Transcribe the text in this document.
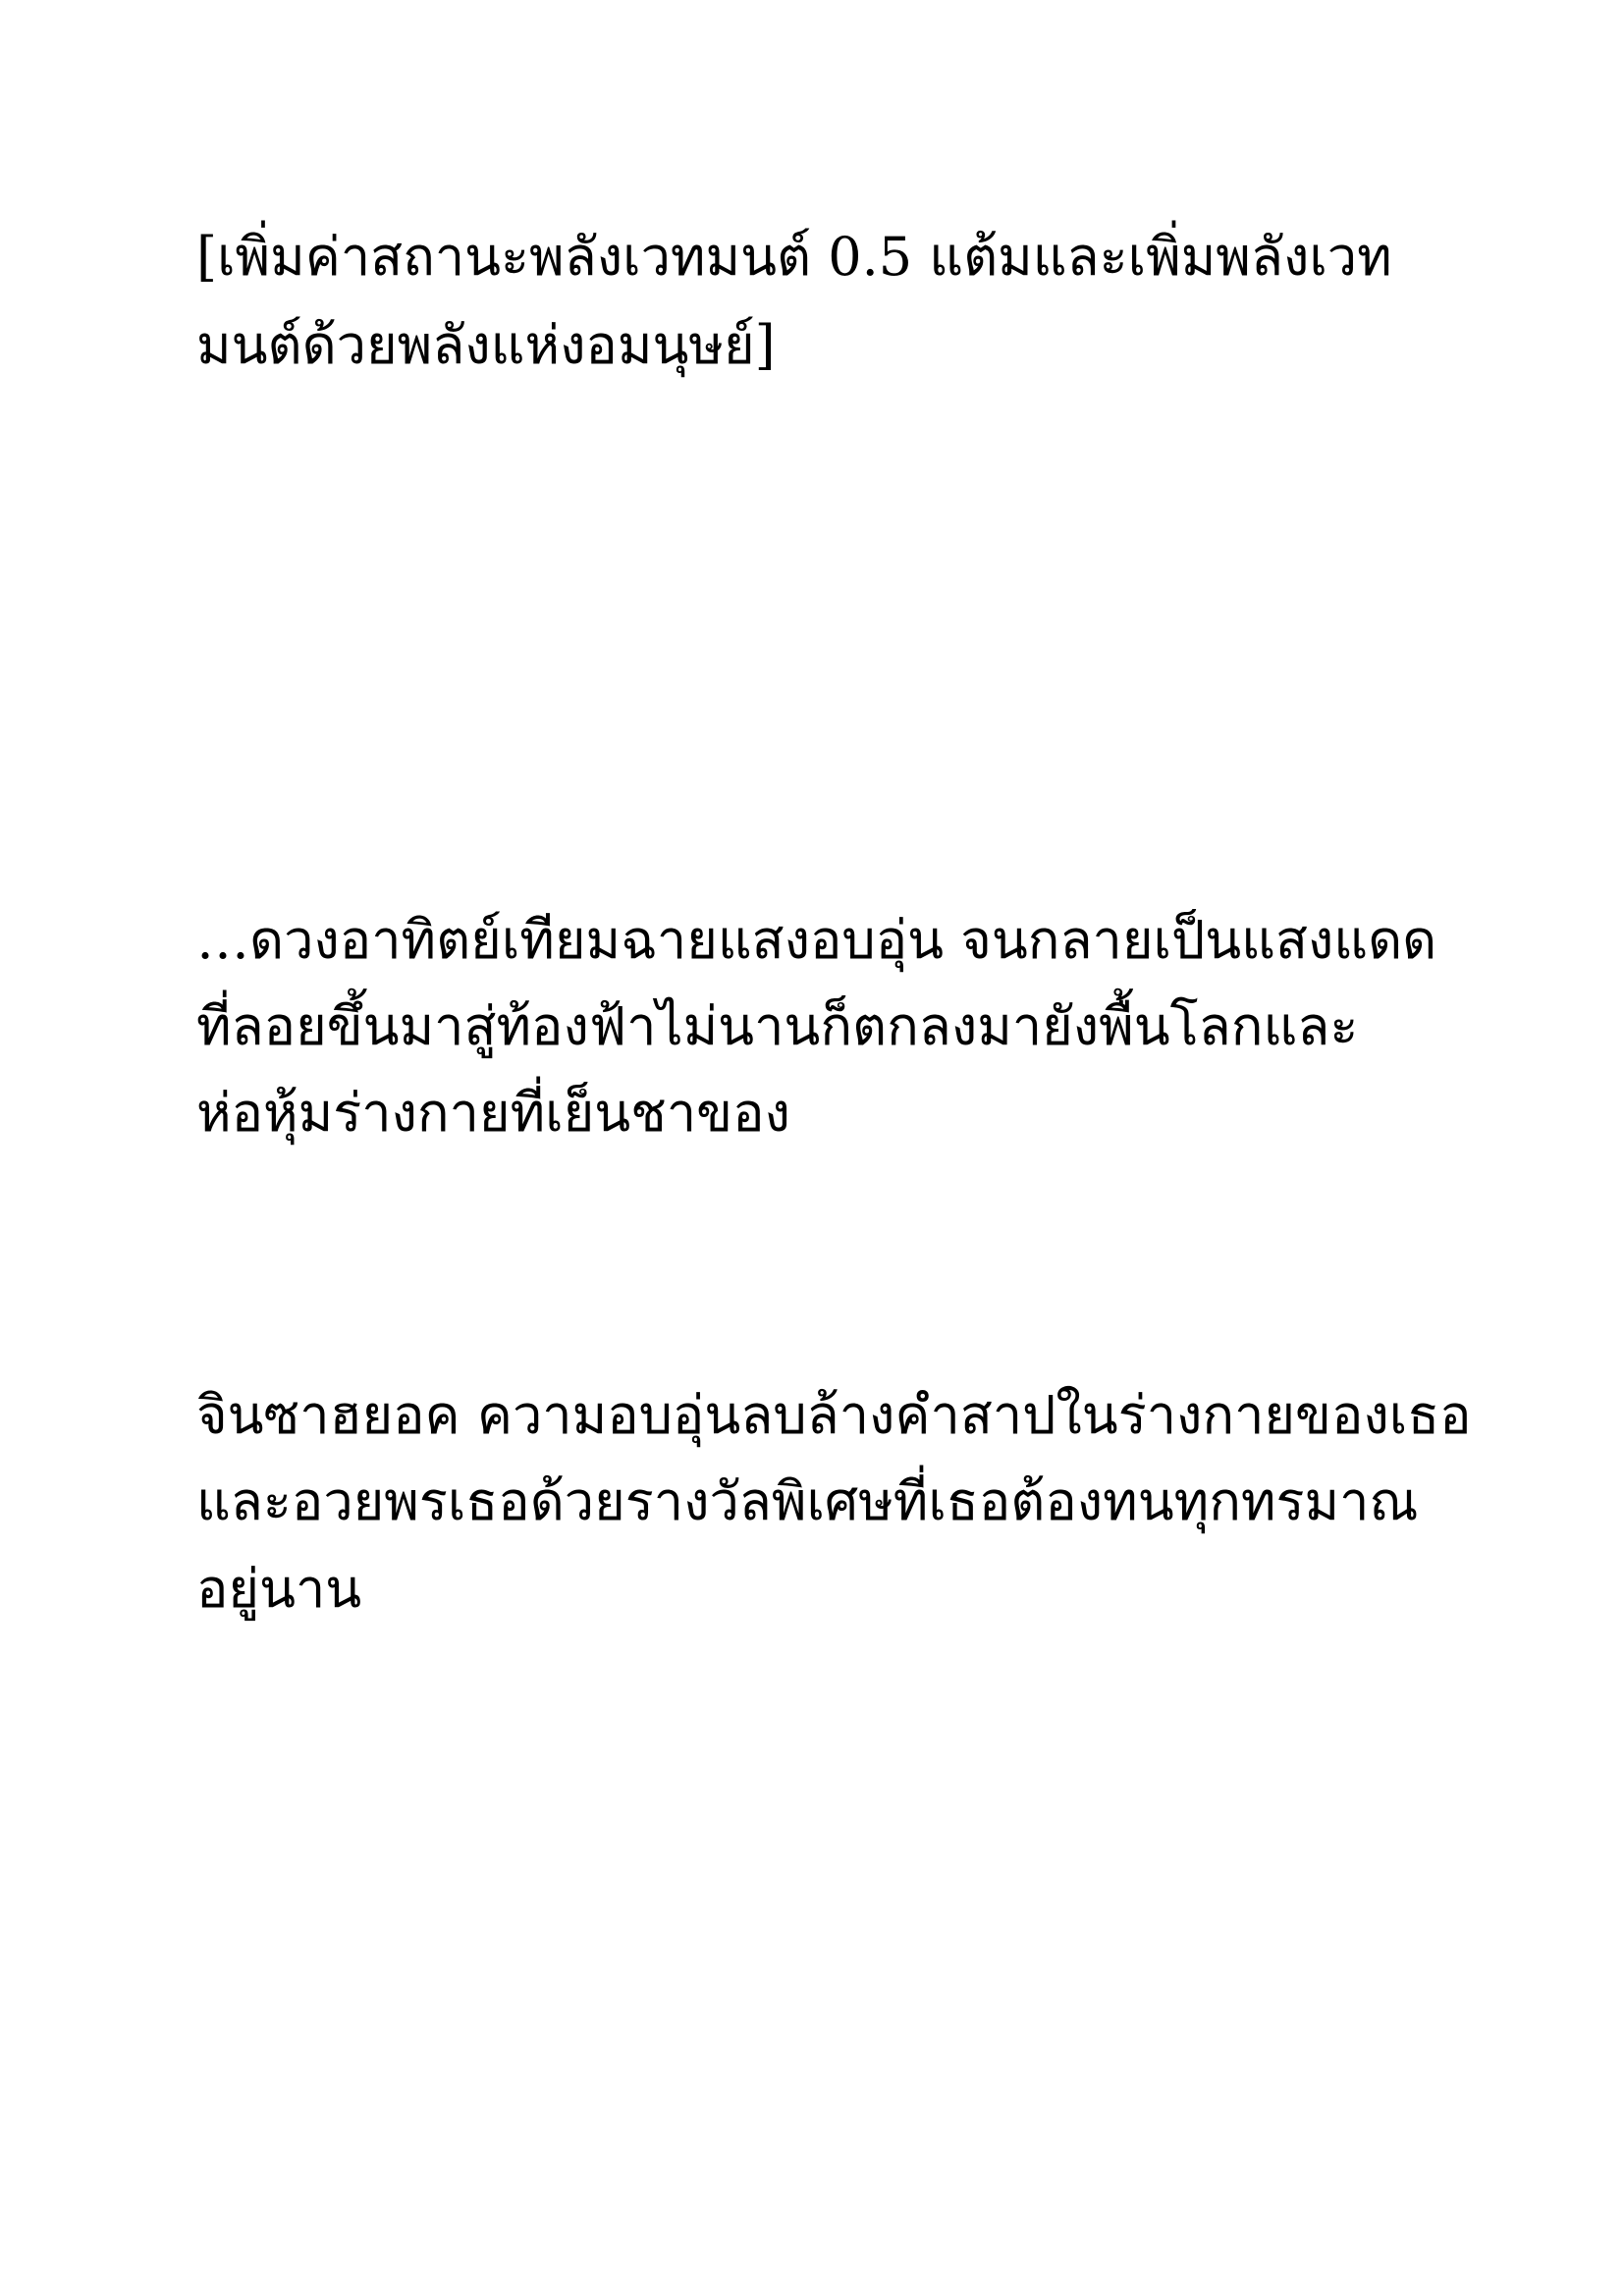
[เพิ่มค่าสถานะพลังเวทมนต์ 0.5 แต้มและเพิ่มพลังเวท

มนต์ด้วยพลังแห่งอมนุษย์]

…ดวงอาทิตย์เทียมฉายแสงอบอุ่น จนกลายเป็นแสงแดด

ที่ลอยขึ้นมาสู่ท้องฟ้าไม่นานก็ตกลงมายังพื้นโลกและ

ห่อหุ้มร่างกายที่เย็นชาของ

จินซาฮยอค ความอบอุ่นลบล้างคำสาปในร่างกายของเธอ

และอวยพรเธอด้วยรางวัลพิเศษที่เธอต้องทนทุกทรมาณ

อยู่นาน
